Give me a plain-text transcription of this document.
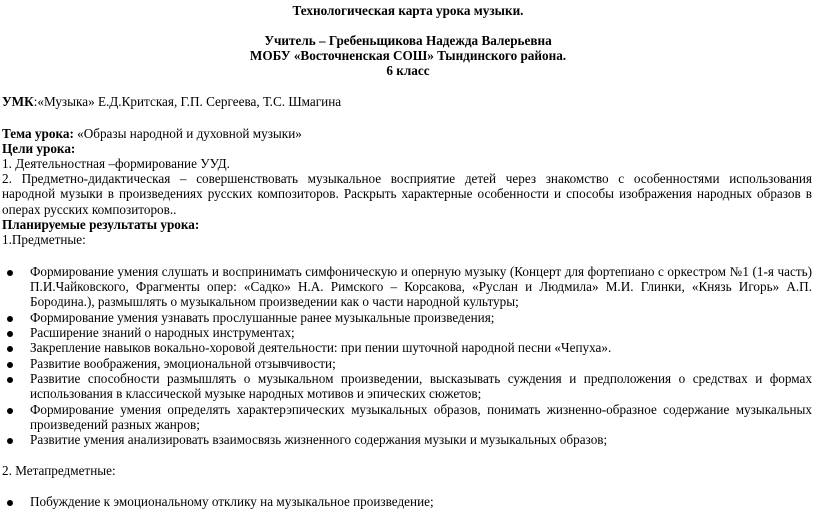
Технологическая карта урока музыки.
Учитель – Гребеньщикова Надежда Валерьевна
МОБУ «Восточненская СОШ» Тындинского района.
6 класс
УМК:«Музыка» Е.Д.Критская, Г.П. Сергеева, Т.С. Шмагина
Тема урока: «Образы народной и духовной музыки»
Цели урока:
1. Деятельностная –формирование УУД.
2. Предметно-дидактическая – совершенствовать музыкальное восприятие детей через знакомство с особенностями использования
народной музыки в произведениях русских композиторов. Раскрыть характерные особенности и способы изображения народных образов в
операх русских композиторов..
Планируемые результаты урока:
1.Предметные:
Формирование умения слушать и воспринимать симфоническую и оперную музыку (Концерт для фортепиано с оркестром №1 (1-я часть)
П.И.Чайковского, Фрагменты опер: «Садко» Н.А. Римского – Корсакова, «Руслан и Людмила» М.И. Глинки, «Князь Игорь» А.П.
Бородина.), размышлять о музыкальном произведении как о части народной культуры;
Формирование умения узнавать прослушанные ранее музыкальные произведения;
Расширение знаний о народных инструментах;
Закрепление навыков вокально-хоровой деятельности: при пении шуточной народной песни «Чепуха».
Развитие воображения, эмоциональной отзывчивости;
Развитие способности размышлять о музыкальном произведении, высказывать суждения и предположения о средствах и формах
использования в классической музыке народных мотивов и эпических сюжетов;
Формирование умения определять характерэпических музыкальных образов, понимать жизненно-образное содержание музыкальных
произведений разных жанров;
Развитие умения анализировать взаимосвязь жизненного содержания музыки и музыкальных образов;
2. Метапредметные:
Побуждение к эмоциональному отклику на музыкальное произведение;
